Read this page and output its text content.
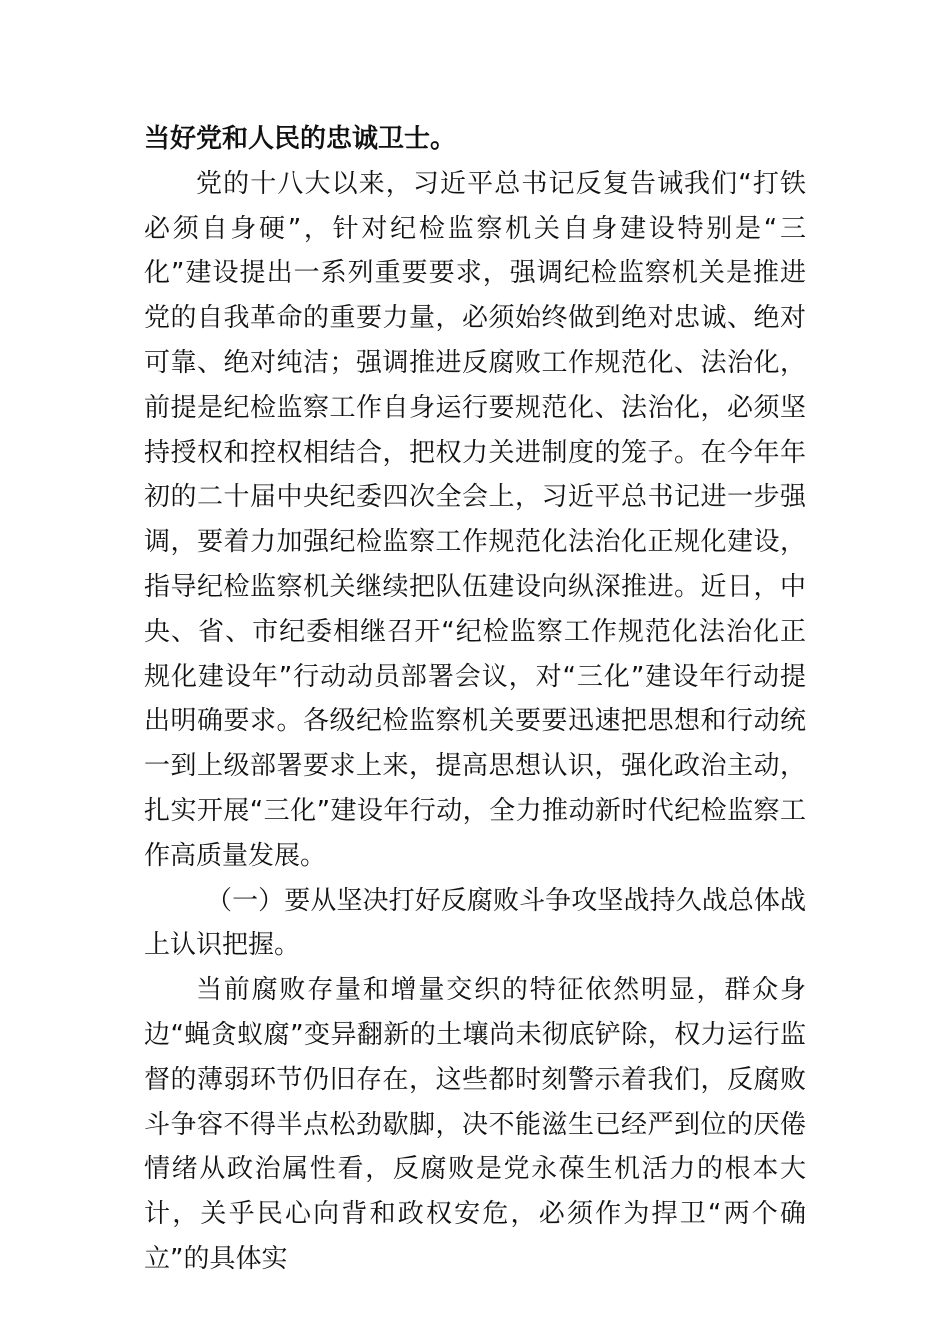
当好党和人民的忠诚卫士。

党的十八大以来，习近平总书记反复告诫我们“打铁必须自身硬”，针对纪检监察机关自身建设特别是“三化”建设提出一系列重要要求，强调纪检监察机关是推进党的自我革命的重要力量，必须始终做到绝对忠诚、绝对可靠、绝对纯洁；强调推进反腐败工作规范化、法治化，前提是纪检监察工作自身运行要规范化、法治化，必须坚持授权和控权相结合，把权力关进制度的笼子。在今年年初的二十届中央纪委四次全会上，习近平总书记进一步强调，要着力加强纪检监察工作规范化法治化正规化建设，指导纪检监察机关继续把队伍建设向纵深推进。近日，中央、省、市纪委相继召开“纪检监察工作规范化法治化正规化建设年”行动动员部署会议，对“三化”建设年行动提出明确要求。各级纪检监察机关要要迅速把思想和行动统一到上级部署要求上来，提高思想认识，强化政治主动，扎实开展“三化”建设年行动，全力推动新时代纪检监察工作高质量发展。

（一）要从坚决打好反腐败斗争攻坚战持久战总体战上认识把握。

当前腐败存量和增量交织的特征依然明显，群众身边“蝇贪蚁腐”变异翻新的土壤尚未彻底铲除，权力运行监督的薄弱环节仍旧存在，这些都时刻警示着我们，反腐败斗争容不得半点松劲歇脚，决不能滋生已经严到位的厌倦情绪从政治属性看，反腐败是党永葆生机活力的根本大计，关乎民心向背和政权安危，必须作为捍卫“两个确立”的具体实
